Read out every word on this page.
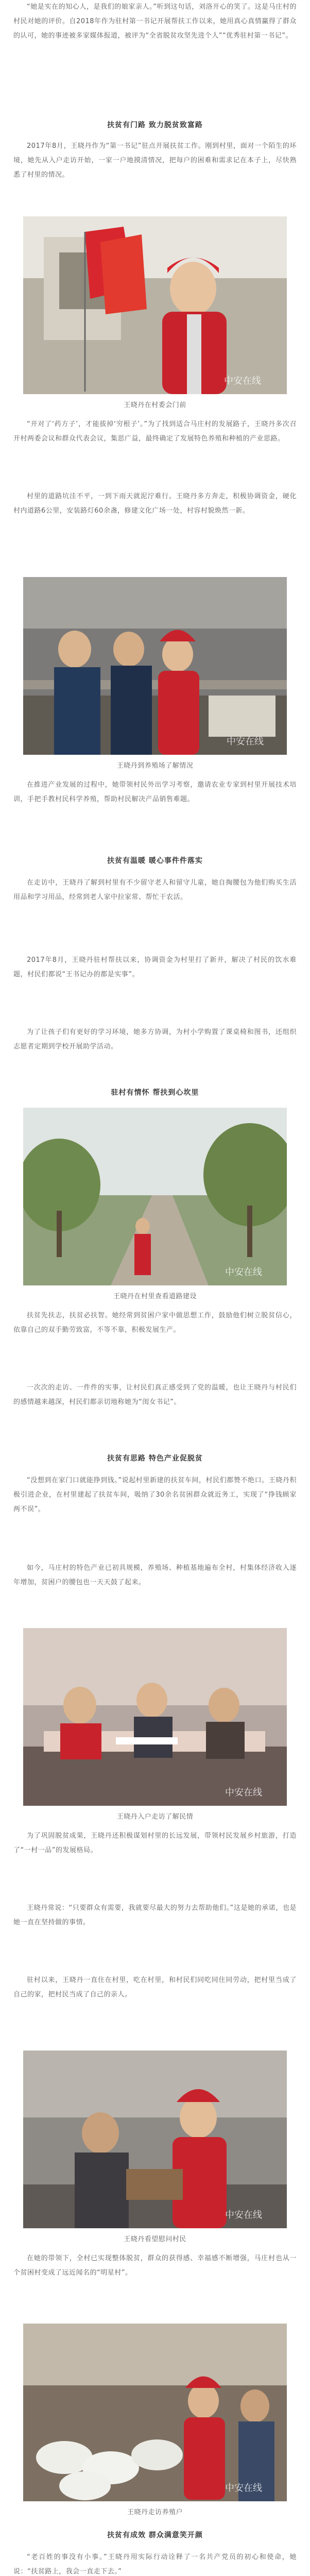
“她是实在的知心人，是我们的娘家亲人。”听到这句话，刘洛开心的笑了。这是马庄村的村民对她的评价。自2018年作为驻村第一书记开展帮扶工作以来，她用真心真情赢得了群众的认可，她的事迹被多家媒体报道，被评为“全省脱贫攻坚先进个人”“优秀驻村第一书记”。
扶贫有门路 致力脱贫致富路
2017年8月，王晓丹作为“第一书记”驻点开展扶贫工作。刚到村里，面对一个陌生的环境，她先从入户走访开始，一家一户地摸清情况，把每户的困难和需求记在本子上，尽快熟悉了村里的情况。
中安在线
王晓丹在村委会门前
“开对了‘药方子’，才能拔掉‘穷根子’。”为了找到适合马庄村的发展路子，王晓丹多次召开村两委会议和群众代表会议，集思广益，最终确定了发展特色养殖和种植的产业思路。
村里的道路坑洼不平，一到下雨天就泥泞难行。王晓丹多方奔走，积极协调资金，硬化村内道路6公里，安装路灯60余盏，修建文化广场一处，村容村貌焕然一新。
中安在线
王晓丹到养殖场了解情况
在推进产业发展的过程中，她带领村民外出学习考察，邀请农业专家到村里开展技术培训，手把手教村民科学养殖，帮助村民解决产品销售难题。
扶贫有温暖 暖心事件件落实
在走访中，王晓丹了解到村里有不少留守老人和留守儿童，她自掏腰包为他们购买生活用品和学习用品，经常到老人家中拉家常、帮忙干农活。
2017年8月，王晓丹驻村帮扶以来，协调资金为村里打了新井，解决了村民的饮水难题，村民们都说“王书记办的都是实事”。
为了让孩子们有更好的学习环境，她多方协调，为村小学购置了课桌椅和图书，还组织志愿者定期到学校开展助学活动。
驻村有情怀 帮扶到心坎里
中安在线
王晓丹在村里查看道路建设
扶贫先扶志，扶贫必扶智。她经常到贫困户家中做思想工作，鼓励他们树立脱贫信心，依靠自己的双手勤劳致富，不等不靠，积极发展生产。
一次次的走访、一件件的实事，让村民们真正感受到了党的温暖，也让王晓丹与村民们的感情越来越深，村民们都亲切地称她为“闺女书记”。
扶贫有思路 特色产业促脱贫
“没想到在家门口就能挣到钱。”说起村里新建的扶贫车间，村民们都赞不绝口。王晓丹积极引进企业，在村里建起了扶贫车间，吸纳了30余名贫困群众就近务工，实现了“挣钱顾家两不误”。
如今，马庄村的特色产业已初具规模，养殖场、种植基地遍布全村，村集体经济收入逐年增加，贫困户的腰包也一天天鼓了起来。
中安在线
王晓丹入户走访了解民情
为了巩固脱贫成果，王晓丹还积极谋划村里的长远发展，带领村民发展乡村旅游，打造了“一村一品”的发展格局。
王晓丹常说：“只要群众有需要，我就要尽最大的努力去帮助他们。”这是她的承诺，也是她一直在坚持做的事情。
驻村以来，王晓丹一直住在村里，吃在村里，和村民们同吃同住同劳动，把村里当成了自己的家，把村民当成了自己的亲人。
中安在线
王晓丹看望慰问村民
在她的带领下，全村已实现整体脱贫，群众的获得感、幸福感不断增强，马庄村也从一个贫困村变成了远近闻名的“明星村”。
中安在线
王晓丹走访养殖户
扶贫有成效 群众满意笑开颜
“老百姓的事没有小事。”王晓丹用实际行动诠释了一名共产党员的初心和使命，她说：“扶贫路上，我会一直走下去。”
